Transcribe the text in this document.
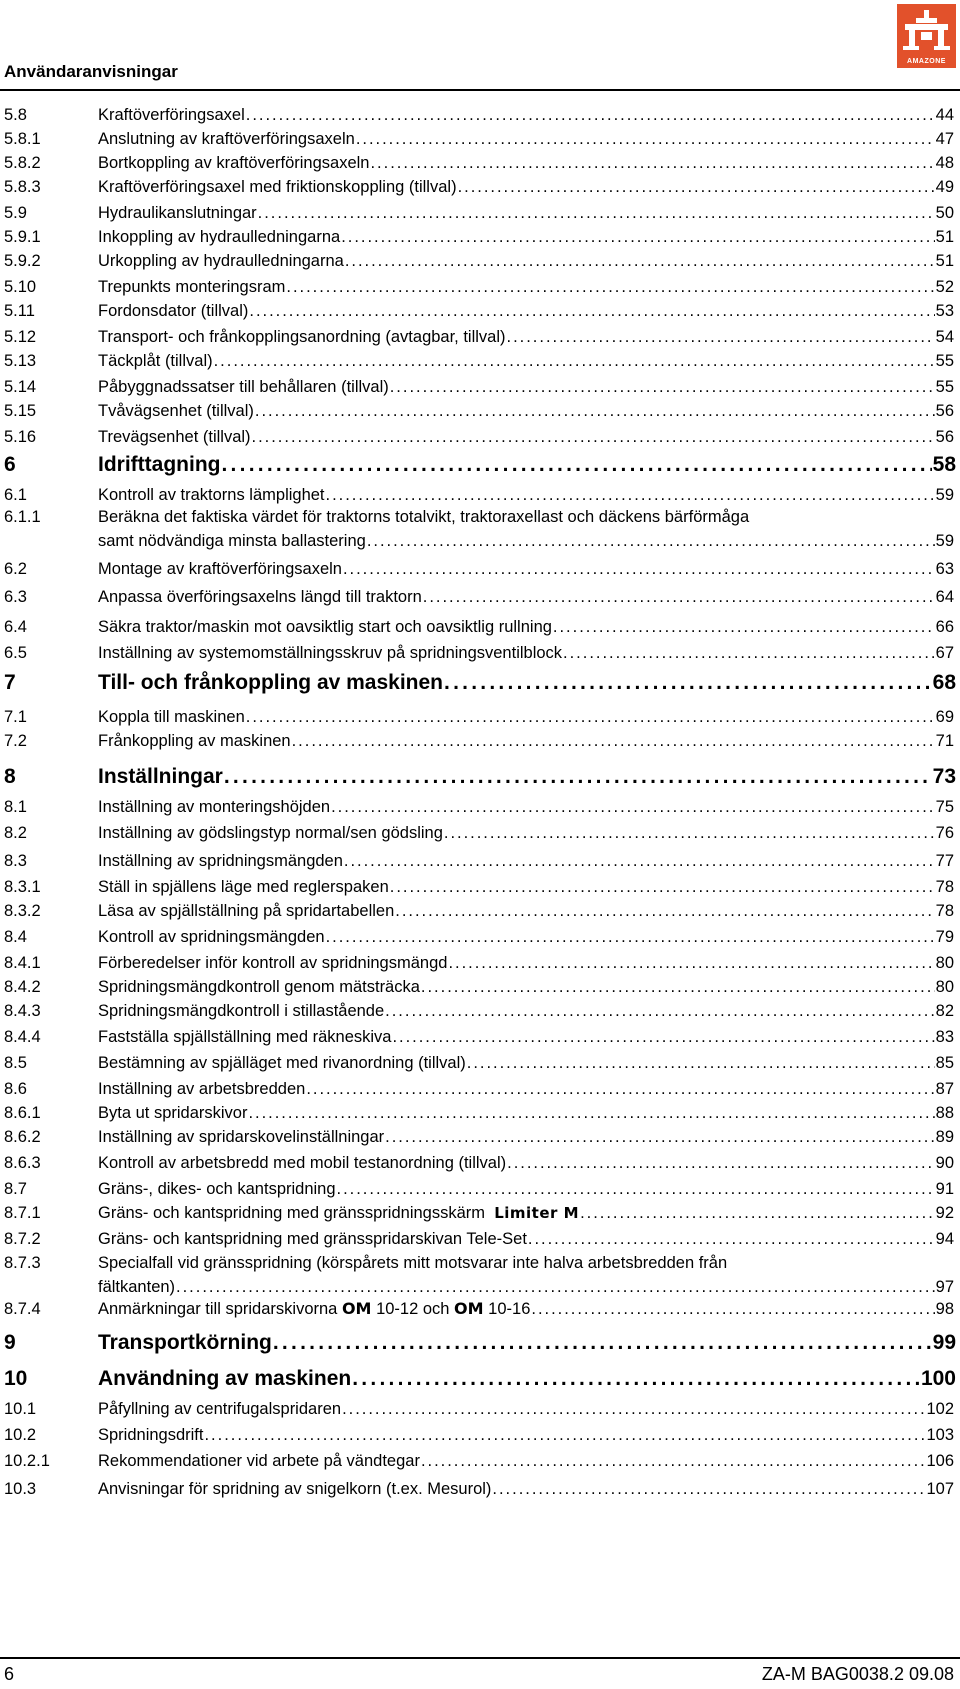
Användaranvisningar
AMAZONE
5.8	Kraftöverföringsaxel . . .	44
5.8.1	Anslutning av kraftöverföringsaxeln . . .	47
5.8.2	Bortkoppling av kraftöverföringsaxeln . . .	48
5.8.3	Kraftöverföringsaxel med friktionskoppling (tillval) . . .	49
5.9	Hydraulikanslutningar . . .	50
5.9.1	Inkoppling av hydraulledningarna . . .	51
5.9.2	Urkoppling av hydraulledningarna . . .	51
5.10	Trepunkts monteringsram . . .	52
5.11	Fordonsdator (tillval) . . .	53
5.12	Transport- och frånkopplingsanordning (avtagbar, tillval) . . .	54
5.13	Täckplåt (tillval) . . .	55
5.14	Påbyggnadssatser till behållaren (tillval) . . .	55
5.15	Tvåvägsenhet (tillval) . . .	56
5.16	Trevägsenhet (tillval) . . .	56
6	Idrifttagning . . .	58
6.1	Kontroll av traktorns lämplighet . . .	59
6.1.1	Beräkna det faktiska värdet för traktorns totalvikt, traktoraxellast och däckens bärförmåga
samt nödvändiga minsta ballastering . . .	59
6.2	Montage av kraftöverföringsaxeln . . .	63
6.3	Anpassa överföringsaxelns längd till traktorn . . .	64
6.4	Säkra traktor/maskin mot oavsiktlig start och oavsiktlig rullning . . .	66
6.5	Inställning av systemomställningsskruv på spridningsventilblock . . .	67
7	Till- och frånkoppling av maskinen . . .	68
7.1	Koppla till maskinen . . .	69
7.2	Frånkoppling av maskinen . . .	71
8	Inställningar . . .	73
8.1	Inställning av monteringshöjden . . .	75
8.2	Inställning av gödslingstyp normal/sen gödsling . . .	76
8.3	Inställning av spridningsmängden . . .	77
8.3.1	Ställ in spjällens läge med reglerspaken . . .	78
8.3.2	Läsa av spjällställning på spridartabellen . . .	78
8.4	Kontroll av spridningsmängden . . .	79
8.4.1	Förberedelser inför kontroll av spridningsmängd . . .	80
8.4.2	Spridningsmängdkontroll genom mätsträcka . . .	80
8.4.3	Spridningsmängdkontroll i stillastående . . .	82
8.4.4	Fastställa spjällställning med räkneskiva . . .	83
8.5	Bestämning av spjälläget med rivanordning (tillval) . . .	85
8.6	Inställning av arbetsbredden . . .	87
8.6.1	Byta ut spridarskivor . . .	88
8.6.2	Inställning av spridarskovelinställningar . . .	89
8.6.3	Kontroll av arbetsbredd med mobil testanordning (tillval) . . .	90
8.7	Gräns-, dikes- och kantspridning . . .	91
8.7.1	Gräns- och kantspridning med gränsspridningsskärm
Limiter M . . .	92
8.7.2	Gräns- och kantspridning med gränsspridarskivan Tele-Set . . .	94
8.7.3	Specialfall vid gränsspridning (körspårets mitt motsvarar inte halva arbetsbredden från
fältkanten) . . .	97
8.7.4	Anmärkningar till spridarskivorna
OM
10-12 och
OM
10-16 . . .	98
9	Transportkörning . . .	99
10	Användning av maskinen . . .	100
10.1	Påfyllning av centrifugalspridaren . . .	102
10.2	Spridningsdrift . . .	103
10.2.1	Rekommendationer vid arbete på vändtegar . . .	106
10.3	Anvisningar för spridning av snigelkorn (t.ex. Mesurol) . . .	107
6	ZA-M BAG0038.2 09.08
